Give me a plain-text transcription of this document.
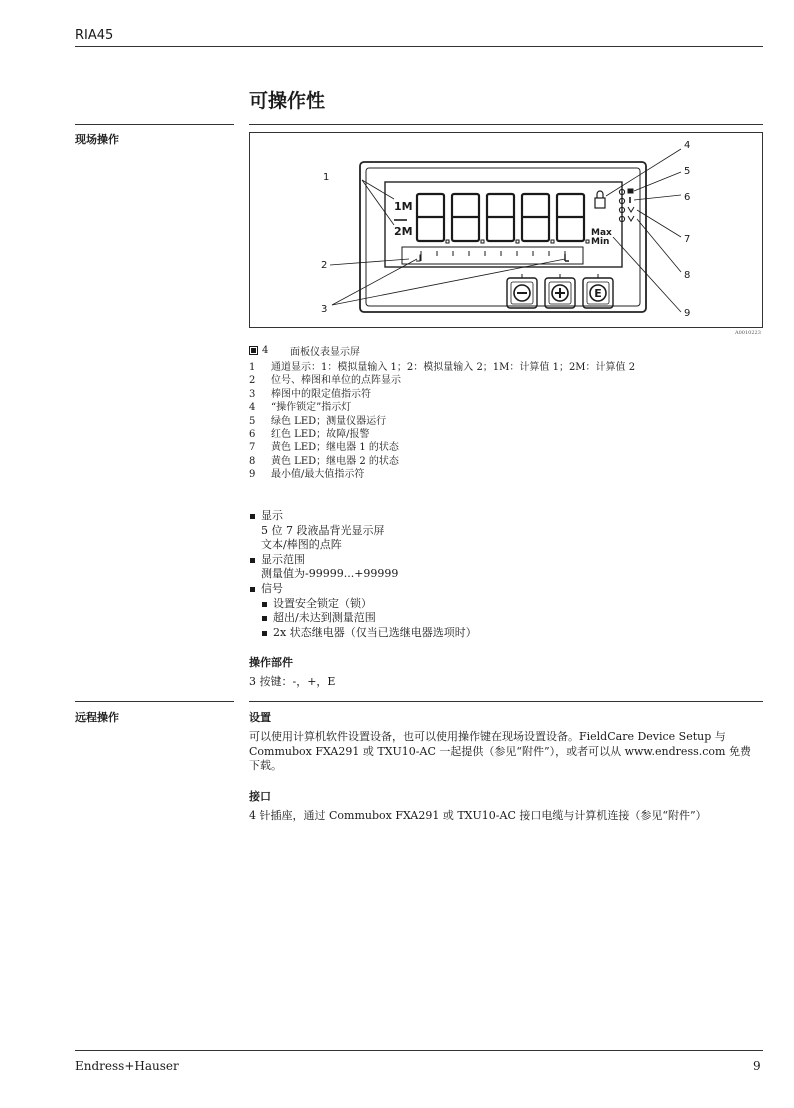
RIA45
可操作性
现场操作
1M
2M	Max
Min
E
1
2
3
4
5
6
7
8
9
A0010223
4	面板仪表显示屏
1	通道显示：1：模拟量输入 1；2：模拟量输入 2；1M：计算值 1；2M：计算值 2
2	位号、棒图和单位的点阵显示
3	棒图中的限定值指示符
4	“操作锁定”指示灯
5	绿色 LED；测量仪器运行
6	红色 LED；故障/报警
7	黄色 LED；继电器 1 的状态
8	黄色 LED；继电器 2 的状态
9	最小值/最大值指示符
显示
5 位 7 段液晶背光显示屏
文本/棒图的点阵
显示范围
测量值为-99999...+99999
信号
设置安全锁定（锁）
超出/未达到测量范围
2x 状态继电器（仅当已选继电器选项时）
操作部件
3 按键：-，+，E
远程操作	设置
可以使用计算机软件设置设备，也可以使用操作键在现场设置设备。FieldCare Device Setup 与
Commubox FXA291 或 TXU10-AC 一起提供（参见“附件”），或者可以从 www.endress.com 免费
下载。
接口
4 针插座，通过 Commubox FXA291 或 TXU10-AC 接口电缆与计算机连接（参见“附件”）
Endress+Hauser	9
